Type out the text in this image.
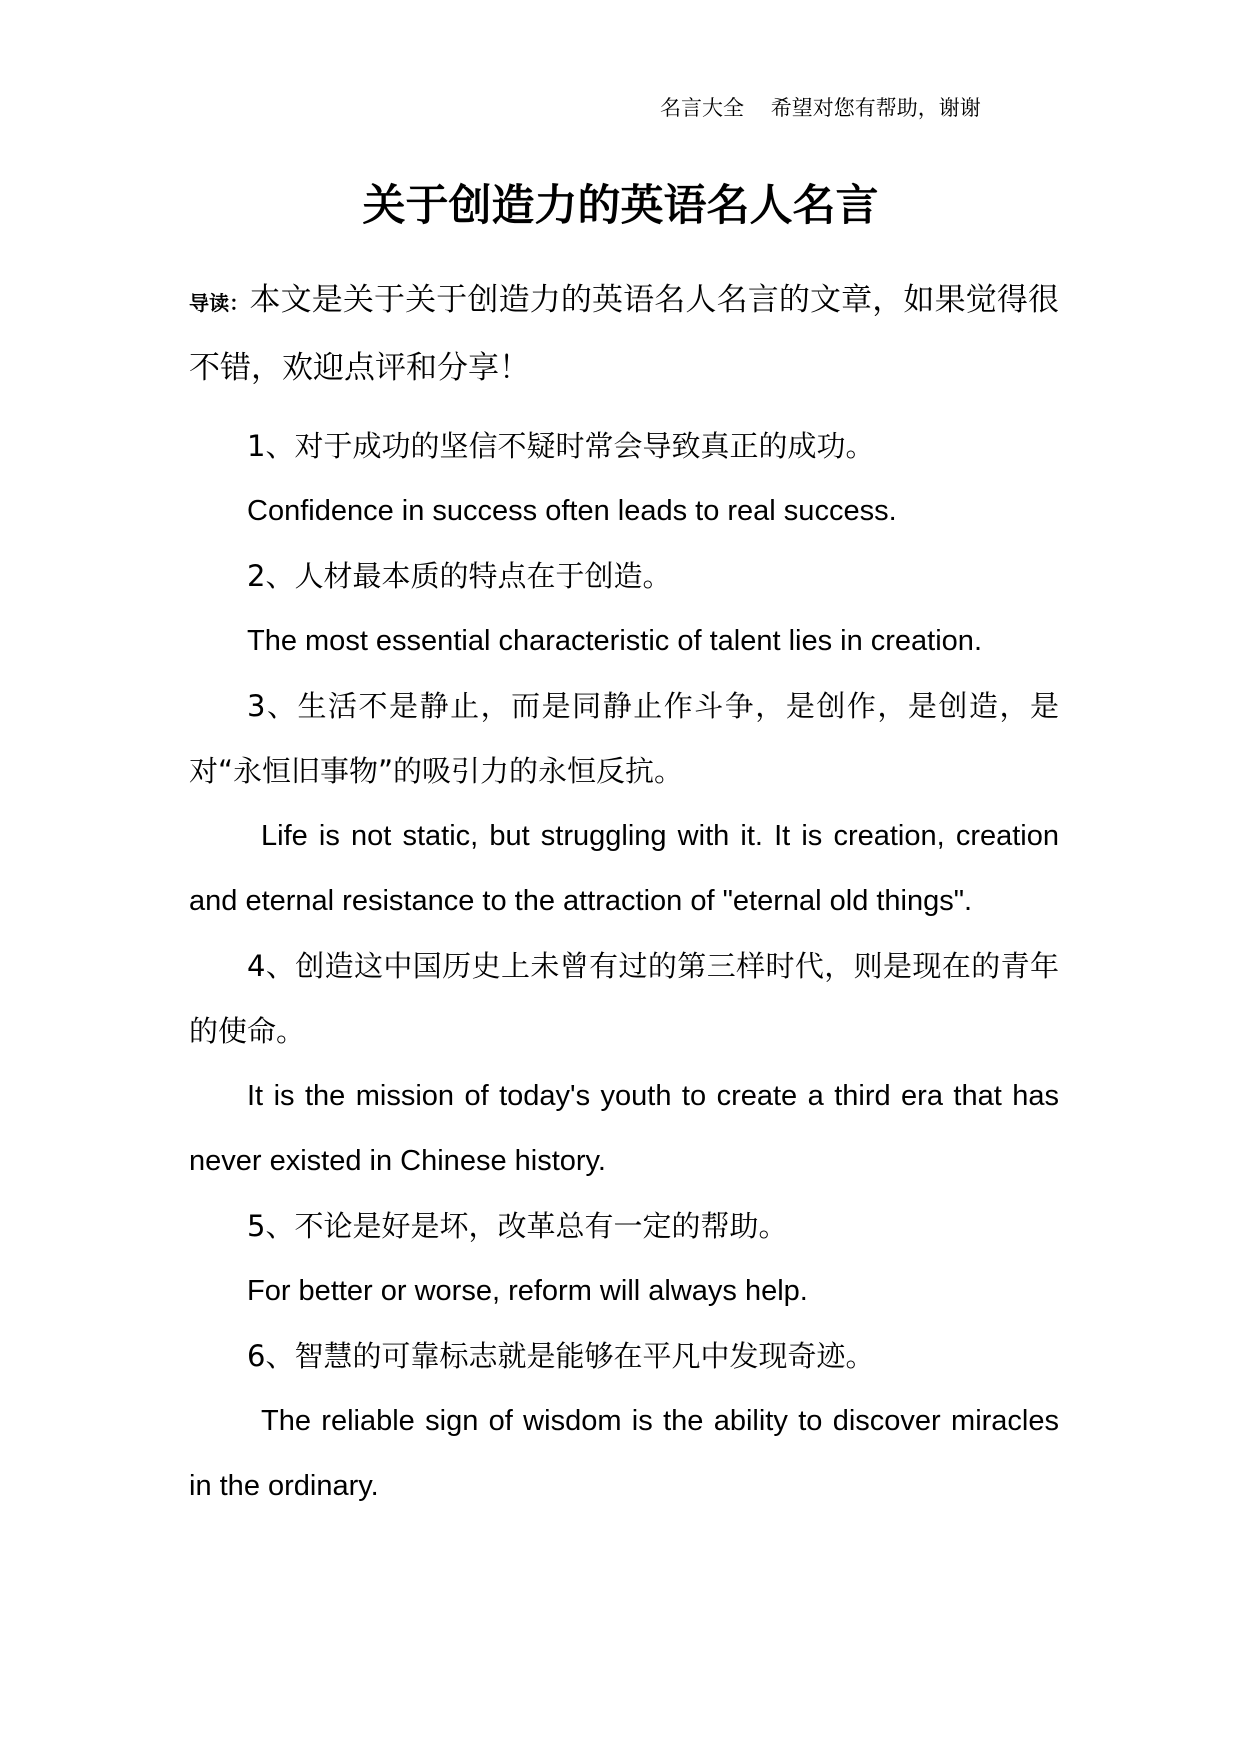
名言大全    希望对您有帮助，谢谢
关于创造力的英语名人名言

导读：本文是关于关于创造力的英语名人名言的文章，如果觉得很不错，欢迎点评和分享！

1、对于成功的坚信不疑时常会导致真正的成功。

Confidence in success often leads to real success.

2、人材最本质的特点在于创造。

The most essential characteristic of talent lies in creation.

3、生活不是静止，而是同静止作斗争，是创作，是创造，是对“永恒旧事物”的吸引力的永恒反抗。

Life is not static, but struggling with it. It is creation, creation and eternal resistance to the attraction of "eternal old things".

4、创造这中国历史上未曾有过的第三样时代，则是现在的青年的使命。

It is the mission of today's youth to create a third era that has never existed in Chinese history.

5、不论是好是坏，改革总有一定的帮助。

For better or worse, reform will always help.

6、智慧的可靠标志就是能够在平凡中发现奇迹。

The reliable sign of wisdom is the ability to discover miracles in the ordinary.
